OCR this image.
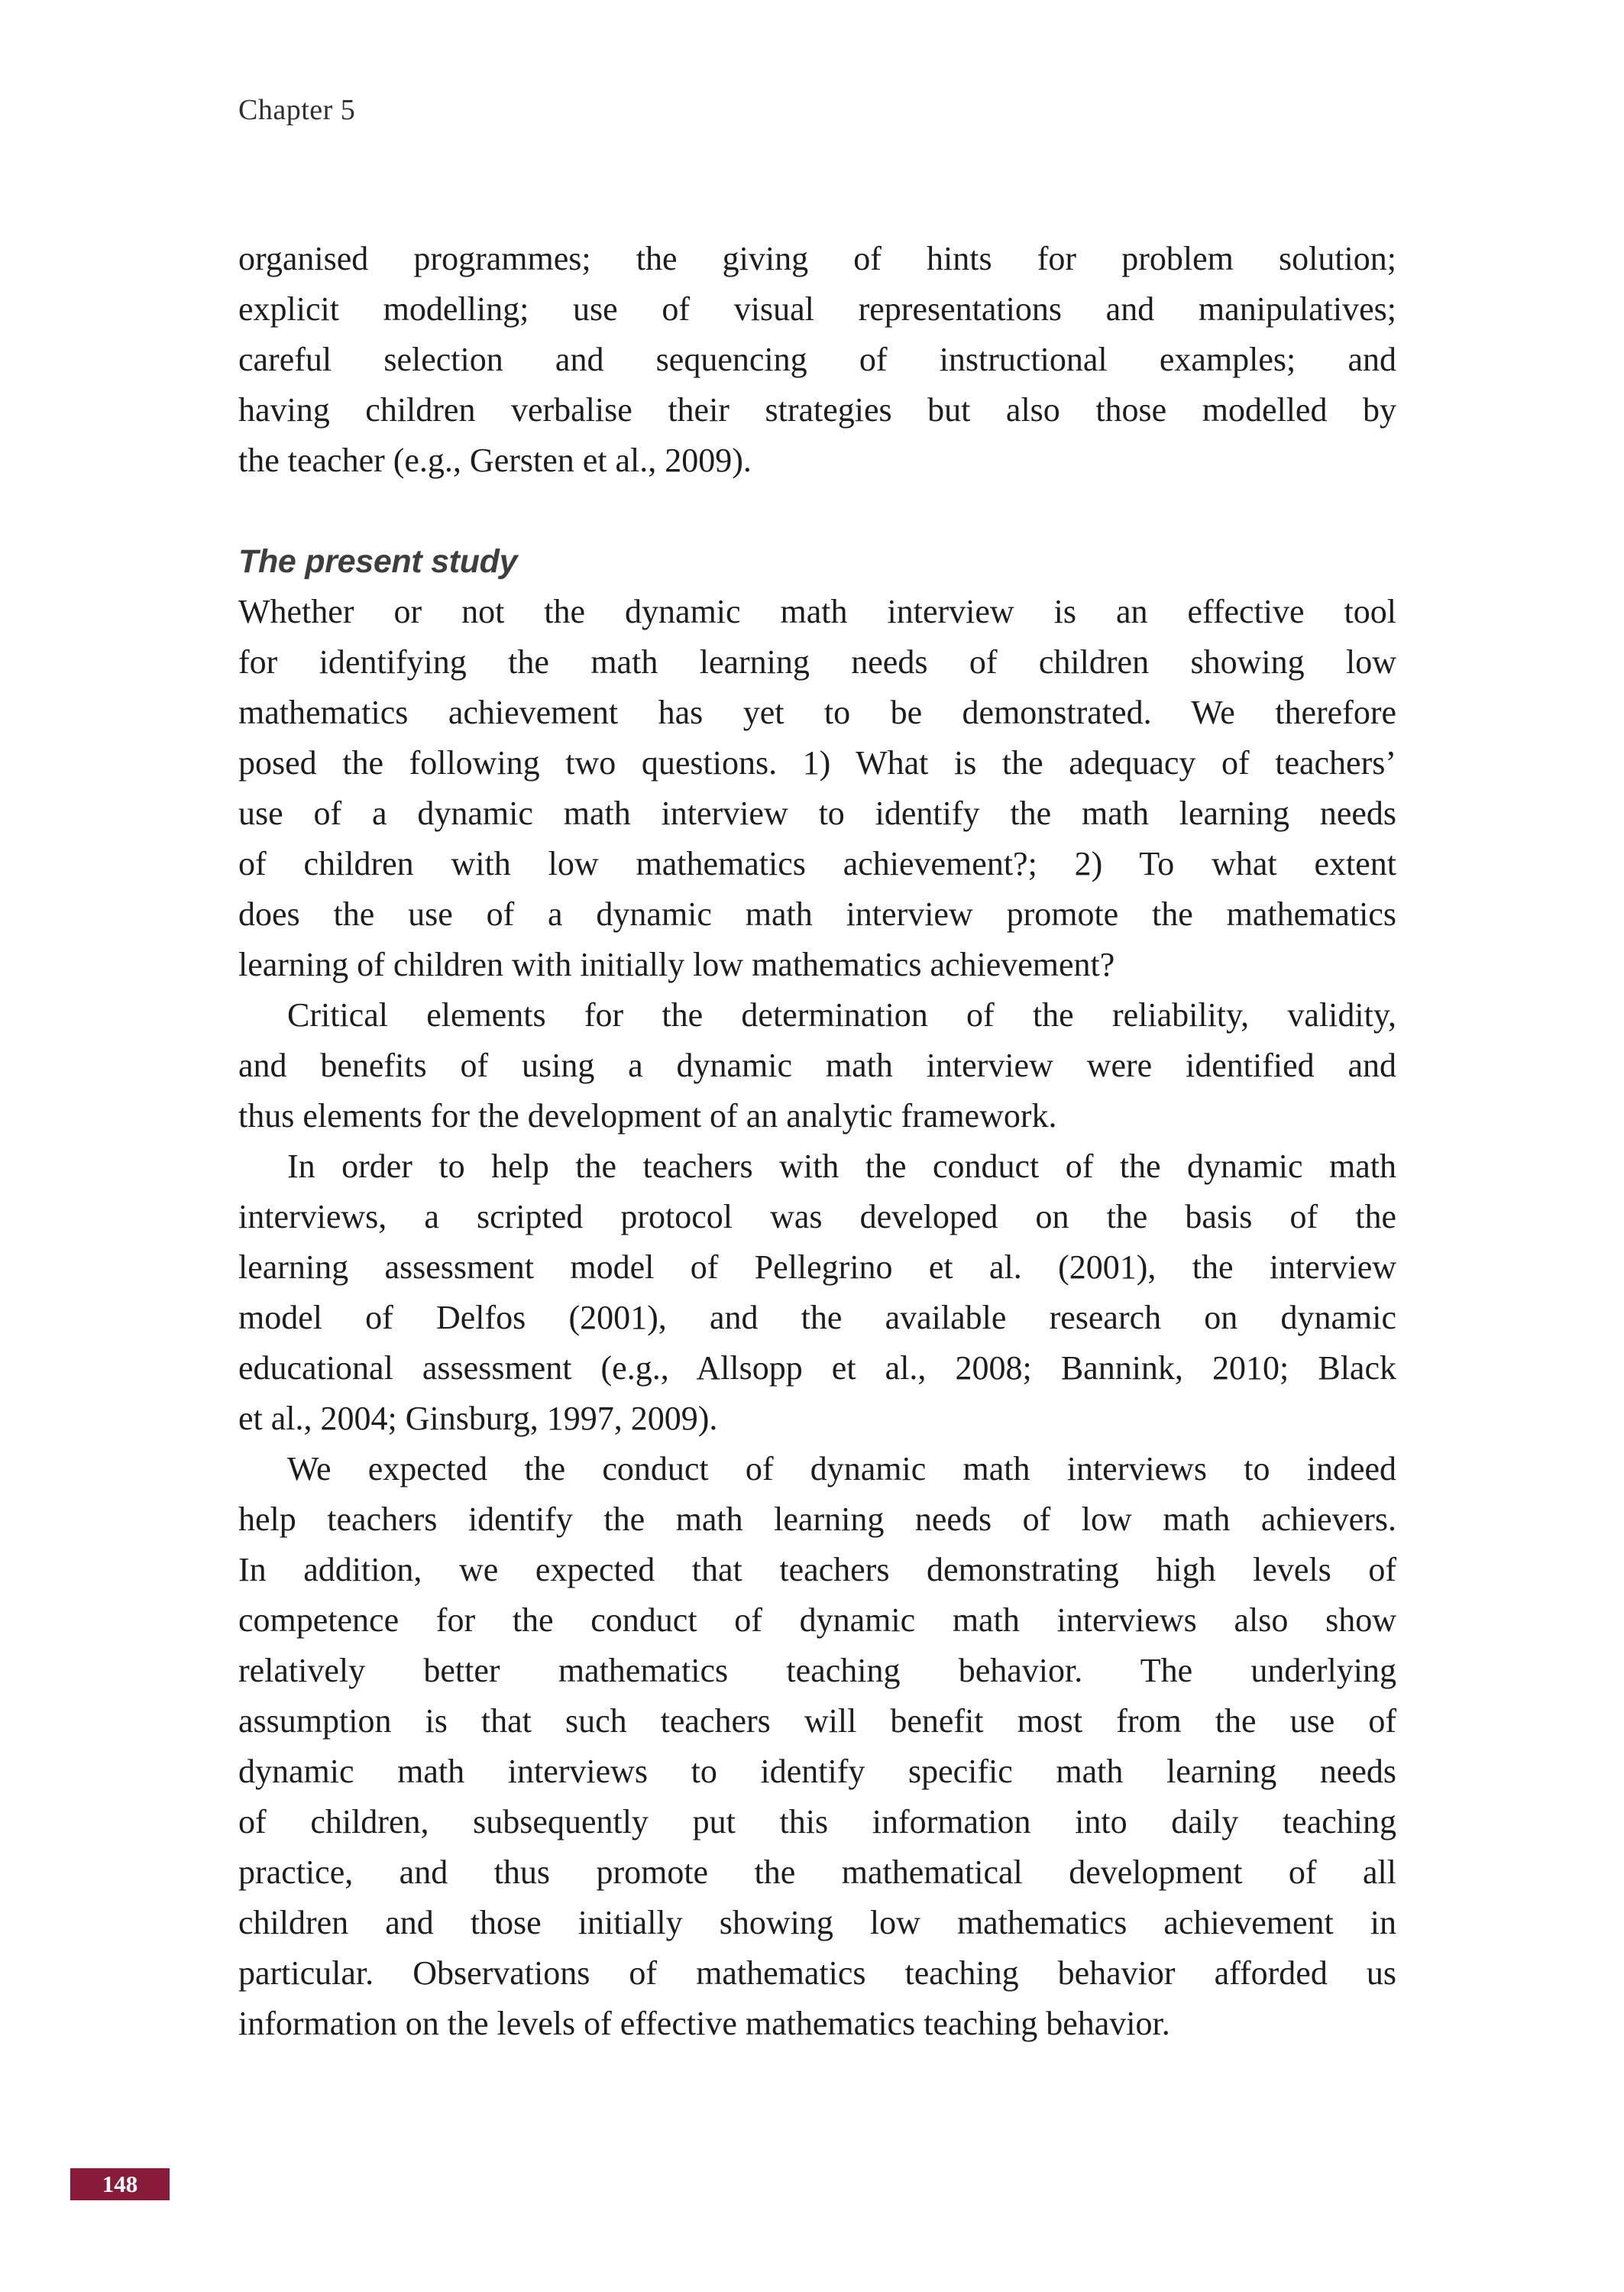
Chapter 5
organised programmes; the giving of hints for problem solution;
explicit modelling; use of visual representations and manipulatives;
careful selection and sequencing of instructional examples; and
having children verbalise their strategies but also those modelled by
the teacher (e.g., Gersten et al., 2009).
The present study
Whether or not the dynamic math interview is an effective tool
for identifying the math learning needs of children showing low
mathematics achievement has yet to be demonstrated. We therefore
posed the following two questions. 1) What is the adequacy of teachers’
use of a dynamic math interview to identify the math learning needs
of children with low mathematics achievement?; 2) To what extent
does the use of a dynamic math interview promote the mathematics
learning of children with initially low mathematics achievement?
Critical elements for the determination of the reliability, validity,
and benefits of using a dynamic math interview were identified and
thus elements for the development of an analytic framework.
In order to help the teachers with the conduct of the dynamic math
interviews, a scripted protocol was developed on the basis of the
learning assessment model of Pellegrino et al. (2001), the interview
model of Delfos (2001), and the available research on dynamic
educational assessment (e.g., Allsopp et al., 2008; Bannink, 2010; Black
et al., 2004; Ginsburg, 1997, 2009).
We expected the conduct of dynamic math interviews to indeed
help teachers identify the math learning needs of low math achievers.
In addition, we expected that teachers demonstrating high levels of
competence for the conduct of dynamic math interviews also show
relatively better mathematics teaching behavior. The underlying
assumption is that such teachers will benefit most from the use of
dynamic math interviews to identify specific math learning needs
of children, subsequently put this information into daily teaching
practice, and thus promote the mathematical development of all
children and those initially showing low mathematics achievement in
particular. Observations of mathematics teaching behavior afforded us
information on the levels of effective mathematics teaching behavior.
148
